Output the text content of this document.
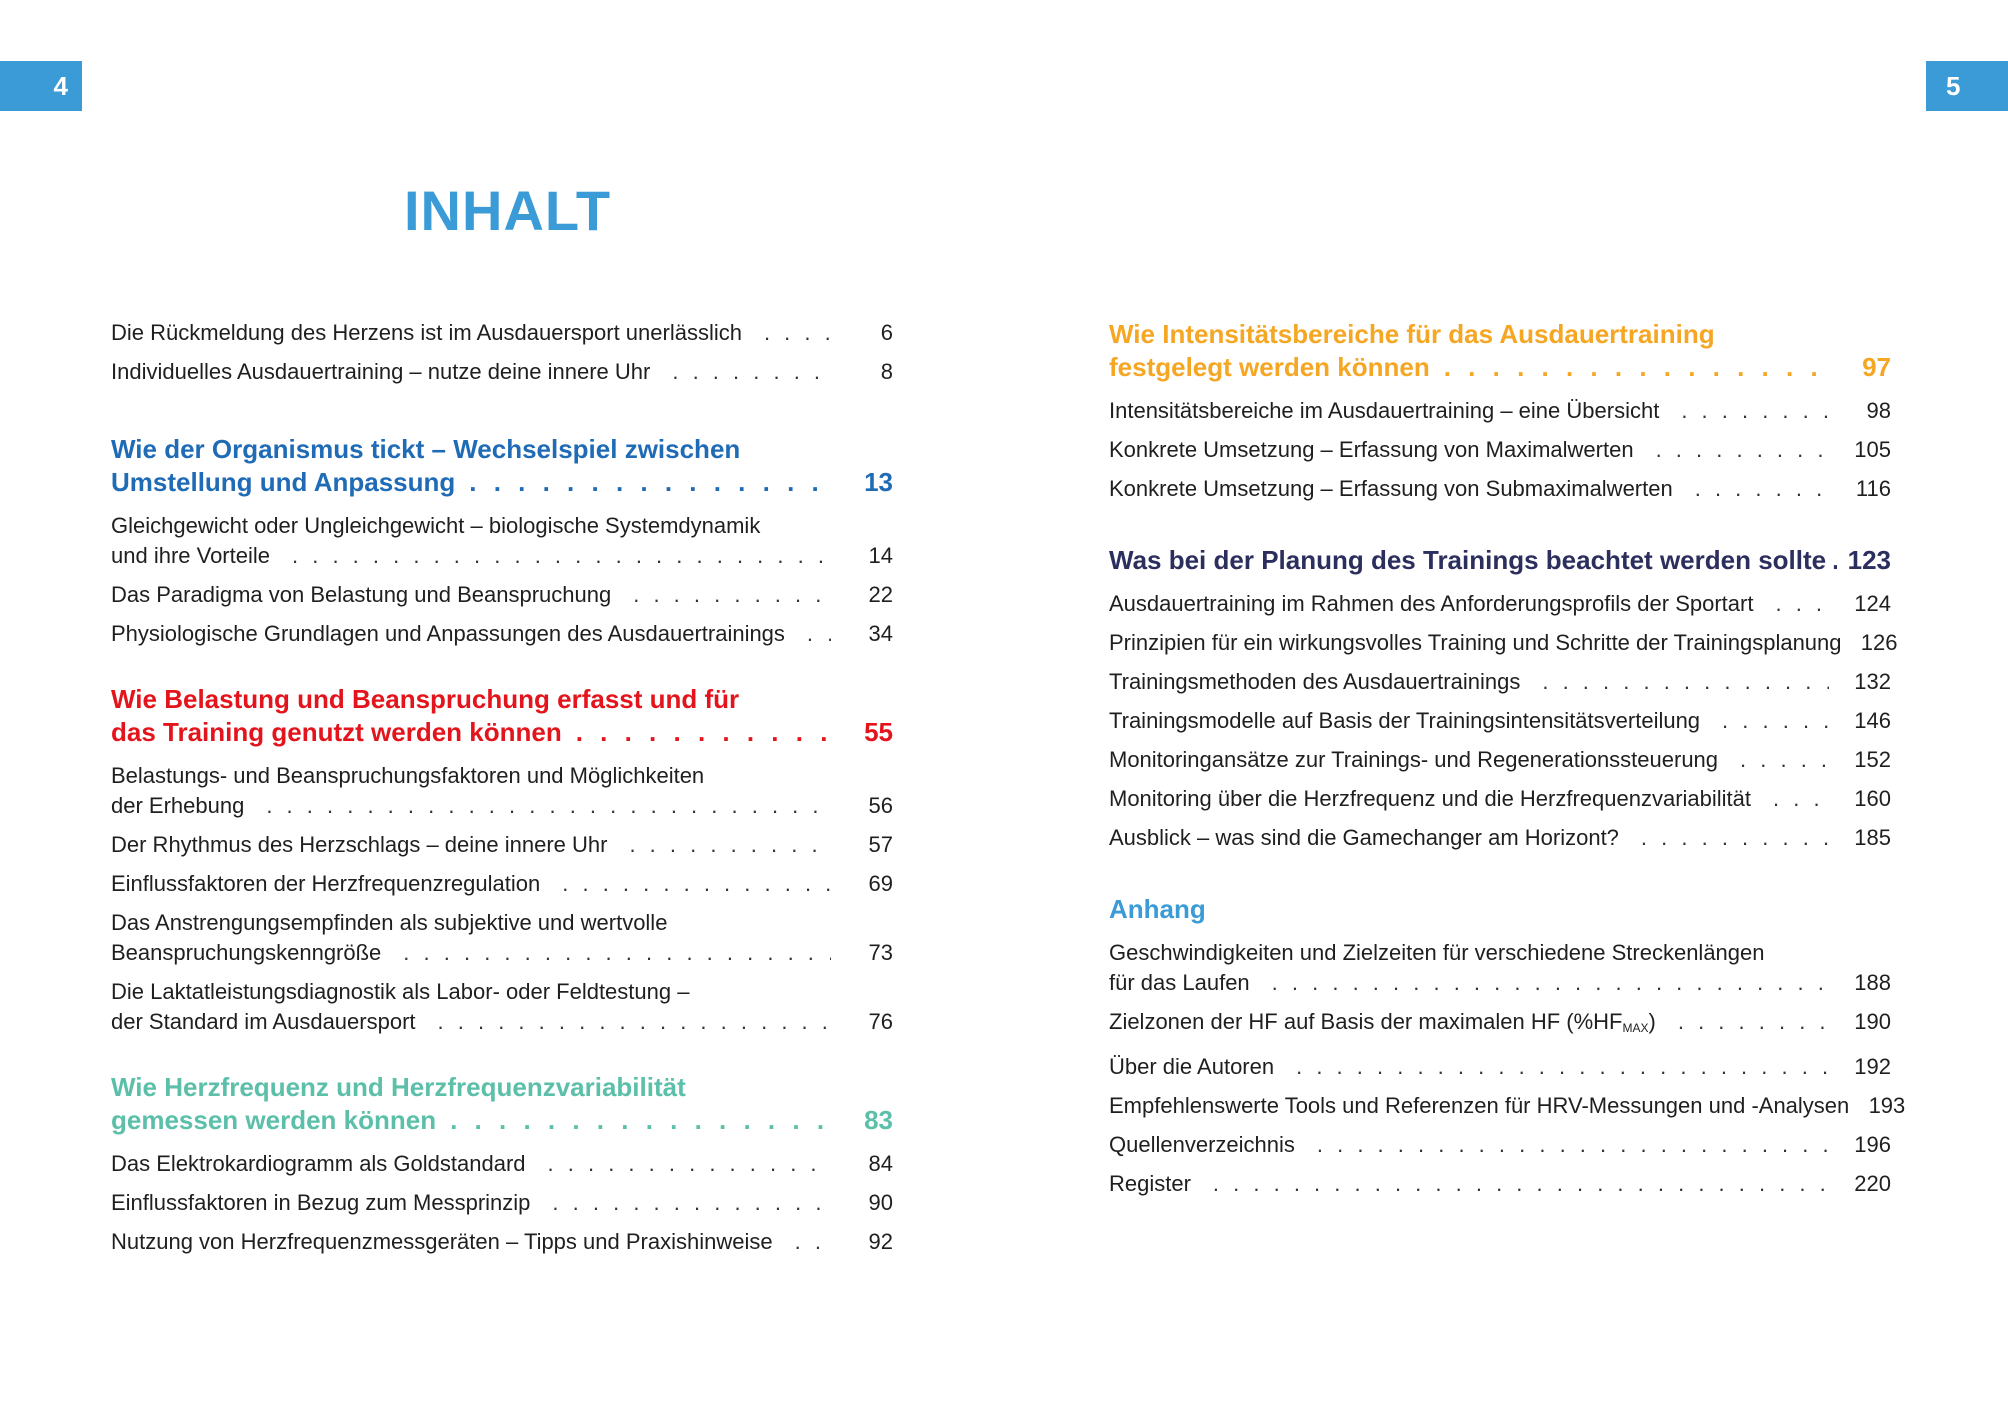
4	5
INHALT
Die Rückmeldung des Herzens ist im Ausdauersport unerlässlich . . .	6
Individuelles Ausdauertraining – nutze deine innere Uhr . . .	8
Wie der Organismus tickt – Wechselspiel zwischen
Umstellung und Anpassung . . .	13
Gleichgewicht oder Ungleichgewicht – biologische Systemdynamik
und ihre Vorteile . . .	14
Das Paradigma von Belastung und Beanspruchung . . .	22
Physiologische Grundlagen und Anpassungen des Ausdauertrainings . . .	34
Wie Belastung und Beanspruchung erfasst und für
das Training genutzt werden können . . .	55
Belastungs- und Beanspruchungsfaktoren und Möglichkeiten
der Erhebung . . .	56
Der Rhythmus des Herzschlags – deine innere Uhr . . .	57
Einflussfaktoren der Herzfrequenzregulation . . .	69
Das Anstrengungsempfinden als subjektive und wertvolle
Beanspruchungskenngröße . . .	73
Die Laktatleistungsdiagnostik als Labor- oder Feldtestung –
der Standard im Ausdauersport . . .	76
Wie Herzfrequenz und Herzfrequenzvariabilität
gemessen werden können . . .	83
Das Elektrokardiogramm als Goldstandard . . .	84
Einflussfaktoren in Bezug zum Messprinzip . . .	90
Nutzung von Herzfrequenzmessgeräten – Tipps und Praxishinweise . . .	92
Wie Intensitätsbereiche für das Ausdauertraining
festgelegt werden können . . .	97
Intensitätsbereiche im Ausdauertraining – eine Übersicht . . .	98
Konkrete Umsetzung – Erfassung von Maximalwerten . . .	105
Konkrete Umsetzung – Erfassung von Submaximalwerten . . .	116
Was bei der Planung des Trainings beachtet werden sollte . . . 123
Ausdauertraining im Rahmen des Anforderungsprofils der Sportart . . .	124
Prinzipien für ein wirkungsvolles Training und Schritte der Trainingsplanung 126
Trainingsmethoden des Ausdauertrainings . . .	132
Trainingsmodelle auf Basis der Trainingsintensitätsverteilung . . .	146
Monitoringansätze zur Trainings- und Regenerationssteuerung . . .	152
Monitoring über die Herzfrequenz und die Herzfrequenzvariabilität . . .	160
Ausblick – was sind die Gamechanger am Horizont? . . .	185
Anhang
Geschwindigkeiten und Zielzeiten für verschiedene Streckenlängen
für das Laufen . . .	188
Zielzonen der HF auf Basis der maximalen HF $(\%HF_{MAX})$ . . .	190
Über die Autoren . . .	192
Empfehlenswerte Tools und Referenzen für HRV-Messungen und -Analysen 193
Quellenverzeichnis . . .	196
Register . . .	220
